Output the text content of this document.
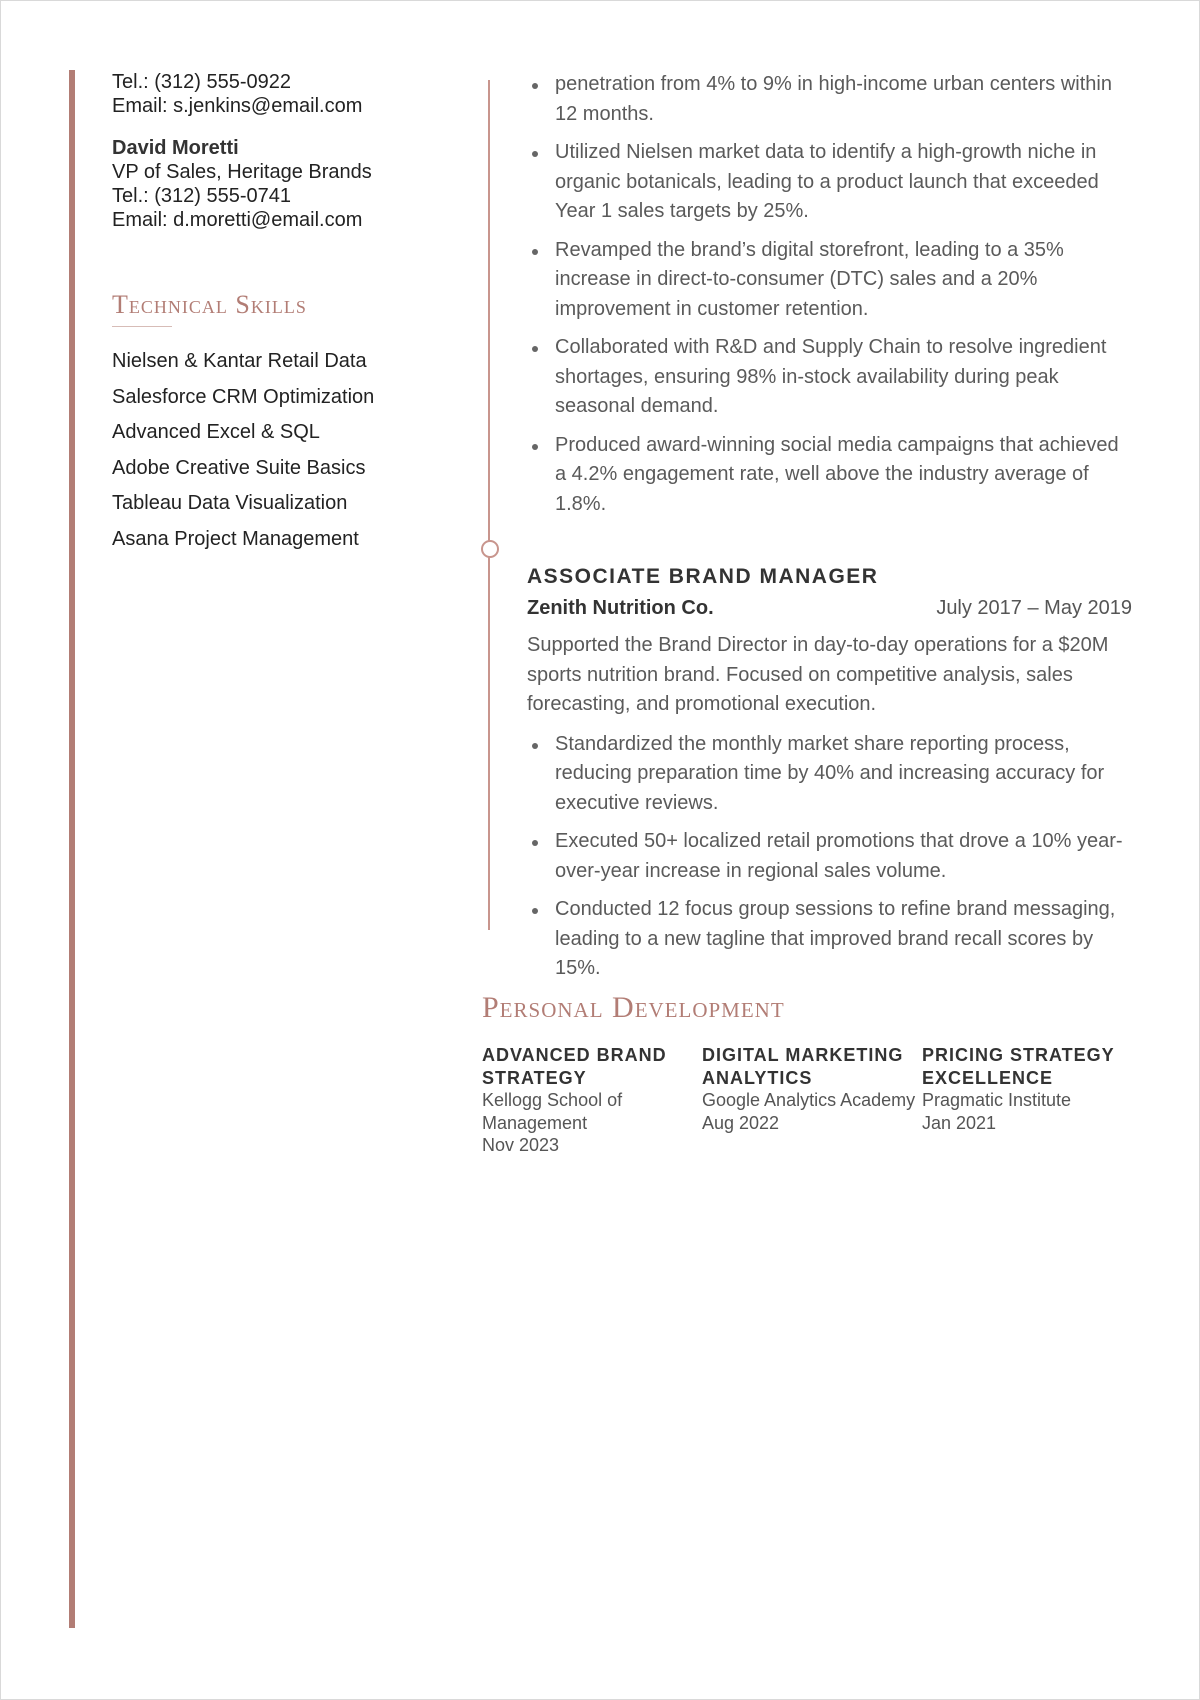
Tel.: (312) 555-0922
Email: s.jenkins@email.com
David Moretti
VP of Sales, Heritage Brands
Tel.: (312) 555-0741
Email: d.moretti@email.com
Technical Skills
Nielsen & Kantar Retail Data
Salesforce CRM Optimization
Advanced Excel & SQL
Adobe Creative Suite Basics
Tableau Data Visualization
Asana Project Management
penetration from 4% to 9% in high-income urban centers within 12 months.
Utilized Nielsen market data to identify a high-growth niche in organic botanicals, leading to a product launch that exceeded Year 1 sales targets by 25%.
Revamped the brand’s digital storefront, leading to a 35% increase in direct-to-consumer (DTC) sales and a 20% improvement in customer retention.
Collaborated with R&D and Supply Chain to resolve ingredient shortages, ensuring 98% in-stock availability during peak seasonal demand.
Produced award-winning social media campaigns that achieved a 4.2% engagement rate, well above the industry average of 1.8%.
ASSOCIATE BRAND MANAGER
Zenith Nutrition Co.	July 2017 – May 2019
Supported the Brand Director in day-to-day operations for a $20M sports nutrition brand. Focused on competitive analysis, sales forecasting, and promotional execution.
Standardized the monthly market share reporting process, reducing preparation time by 40% and increasing accuracy for executive reviews.
Executed 50+ localized retail promotions that drove a 10% year-over-year increase in regional sales volume.
Conducted 12 focus group sessions to refine brand messaging, leading to a new tagline that improved brand recall scores by 15%.
Personal Development
ADVANCED BRAND STRATEGY
Kellogg School of Management
Nov 2023
DIGITAL MARKETING ANALYTICS
Google Analytics Academy
Aug 2022
PRICING STRATEGY EXCELLENCE
Pragmatic Institute
Jan 2021
